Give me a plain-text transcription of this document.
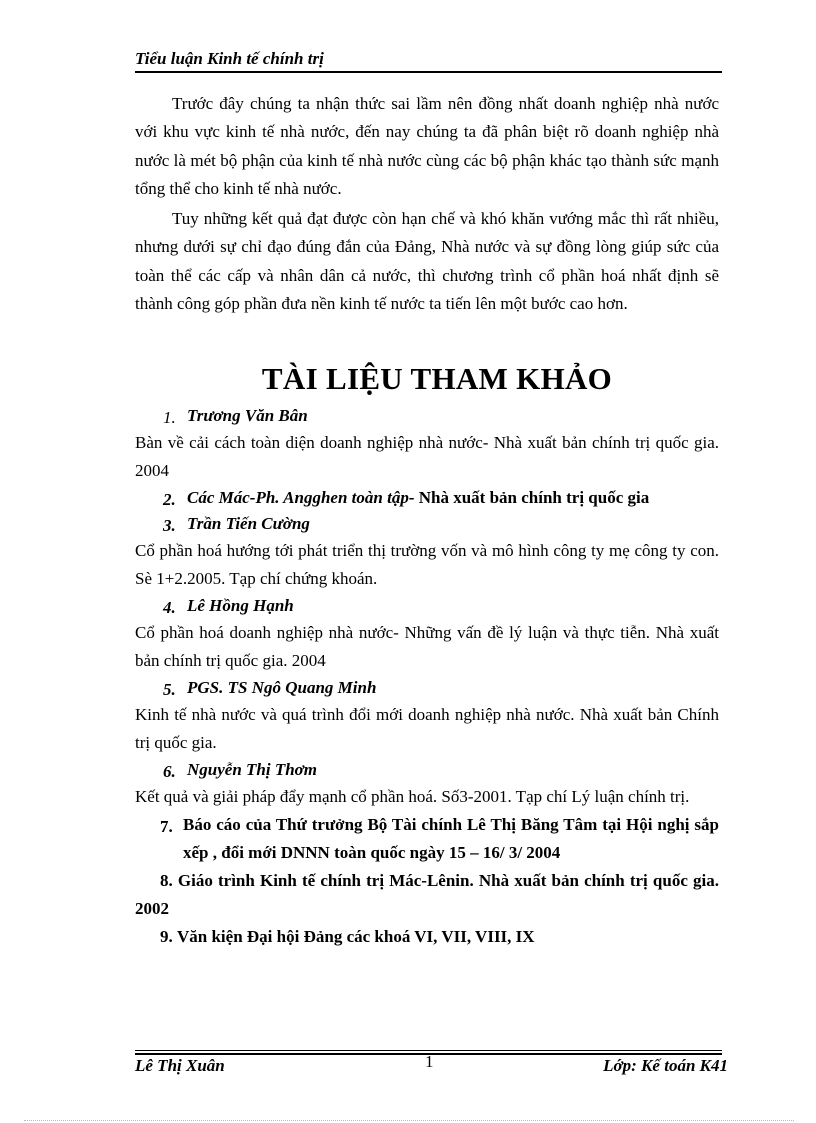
Tiểu luận Kinh tế chính trị

Trước đây chúng ta nhận thức sai lầm nên đồng nhất doanh nghiệp nhà nước với khu vực kinh tế nhà nước, đến nay chúng ta đã phân biệt rõ doanh nghiệp nhà nước là mét bộ phận của kinh tế nhà nước cùng các bộ phận khác tạo thành sức mạnh tổng thể cho kinh tế nhà nước.

Tuy những kết quả đạt được còn hạn chế và khó khăn vướng mắc thì rất nhiều, nhưng dưới sự chỉ đạo đúng đắn của Đảng, Nhà nước và sự đồng lòng giúp sức của toàn thể các cấp và nhân dân cả nước, thì chương trình cổ phần hoá nhất định sẽ thành công góp phần đưa nền kinh tế nước ta tiến lên một bước cao hơn.

TÀI LIỆU THAM KHẢO
1. Trương Văn Bân

Bàn về cải cách toàn diện doanh nghiệp nhà nước- Nhà xuất bản chính trị quốc gia. 2004

2. Các Mác-Ph. Angghen toàn tập- Nhà xuất bản chính trị quốc gia
3. Trần Tiến Cường

Cổ phần hoá hướng tới phát triển thị trường vốn và mô hình công ty mẹ công ty con. Sè 1+2.2005. Tạp chí chứng khoán.

4. Lê Hồng Hạnh

Cổ phần hoá doanh nghiệp nhà nước- Những vấn đề lý luận và thực tiễn. Nhà xuất bản chính trị quốc gia. 2004

5. PGS. TS Ngô Quang Minh

Kinh tế nhà nước và quá trình đổi mới doanh nghiệp nhà nước. Nhà xuất bản Chính trị quốc gia.

6. Nguyễn Thị Thơm

Kết quả và giải pháp đẩy mạnh cổ phần hoá. Số3-2001. Tạp chí Lý luận chính trị.

7. Báo cáo của Thứ trưởng Bộ Tài chính Lê Thị Băng Tâm tại Hội nghị sắp xếp , đổi mới DNNN toàn quốc ngày 15 – 16/ 3/ 2004

8. Giáo trình Kinh tế chính trị Mác-Lênin. Nhà xuất bản chính trị quốc gia. 2002

9. Văn kiện Đại hội Đảng các khoá VI, VII, VIII, IX

Lê Thị Xuân	1	Lớp: Kế toán K41
